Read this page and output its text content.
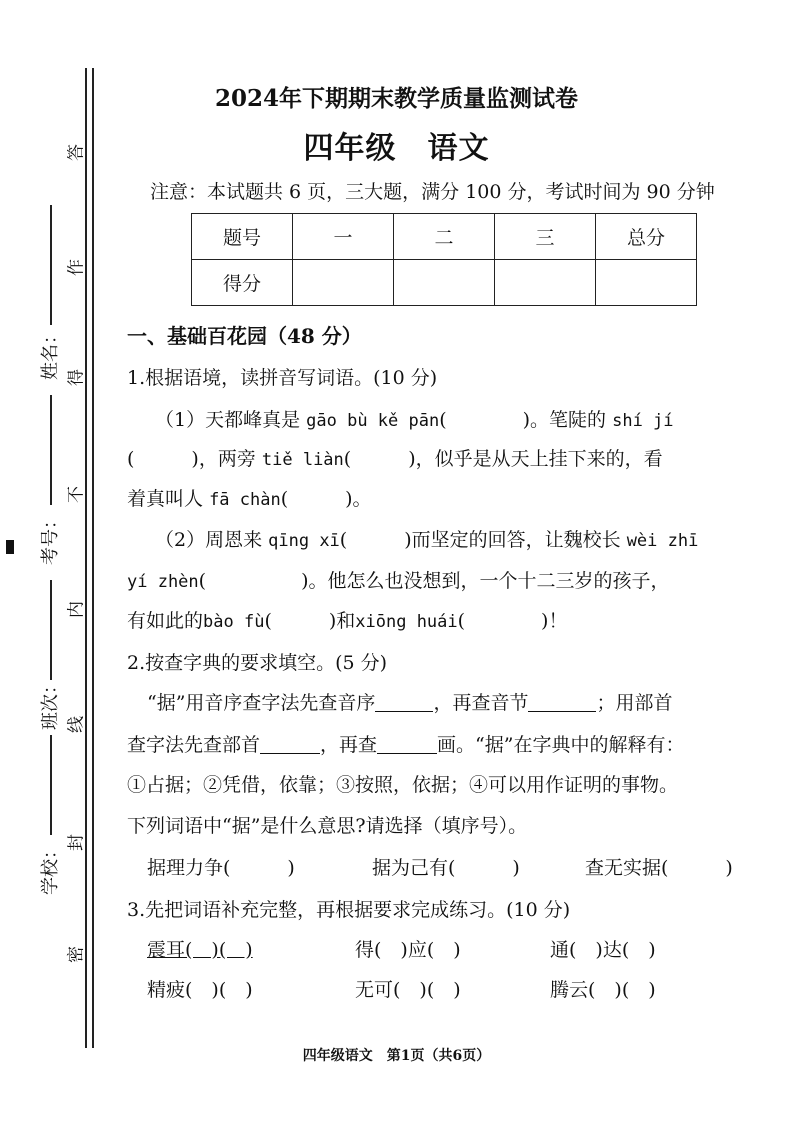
答
作
得
不
内
线
封
密
姓名：
考号：
班次：
学校：
2024年下期期末教学质量监测试卷
四年级　语文
注意：本试题共 6 页，三大题，满分 100 分，考试时间为 90 分钟
题号	一	二	三	总分
得分				
一、基础百花园（48 分）
1.根据语境，读拼音写词语。(10 分)
（1）天都峰真是 gāo bù kě pān(　　　　)。笔陡的 shí jí
(　　　)，两旁 tiě liàn(　　　)，似乎是从天上挂下来的，看
着真叫人 fā chàn(　　　)。
（2）周恩来 qīng xī(　　　)而坚定的回答，让魏校长 wèi zhī
yí zhèn(　　　　　)。他怎么也没想到，一个十二三岁的孩子，
有如此的bào fù(　　　)和xiōng huái(　　　　)！
2.按查字典的要求填空。(5 分)
“据”用音序查字法先查音序	，再查音节	；用部首
查字法先查部首	，再查	画。“据”在字典中的解释有：
①占据；②凭借，依靠；③按照，依据；④可以用作证明的事物。
下列词语中“据”是什么意思?请选择（填序号）。
据理力争(　　　)	据为己有(　　　)	查无实据(　　　)
3.先把词语补充完整，再根据要求完成练习。(10 分)
震耳(　)(　)	得(　)应(　)	通(　)达(　)
精疲(　)(　)	无可(　)(　)	腾云(　)(　)
四年级语文　第1页（共6页）
